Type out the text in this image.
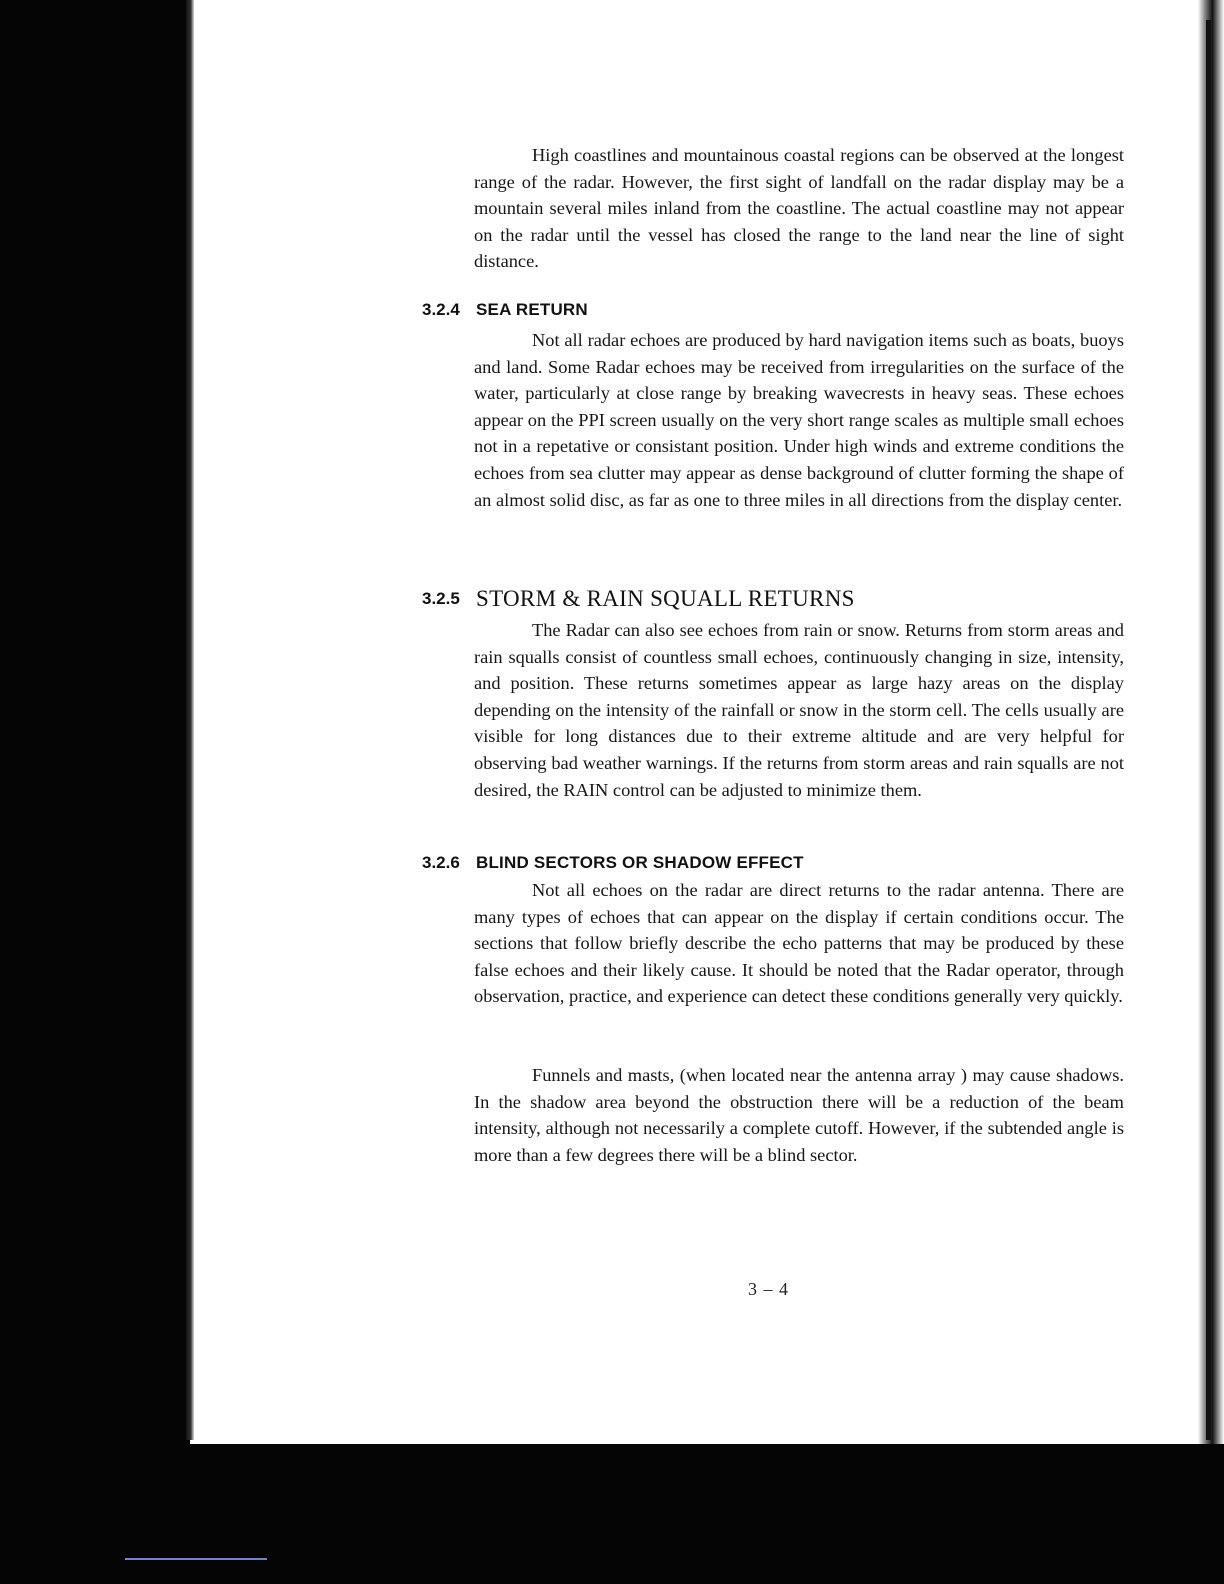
High coastlines and mountainous coastal regions can be observed at the longest range of the radar. However, the first sight of landfall on the radar display may be a mountain several miles inland from the coastline. The actual coastline may not appear on the radar until the vessel has closed the range to the land near the line of sight distance.

3.2.4 SEA RETURN

Not all radar echoes are produced by hard navigation items such as boats, buoys and land. Some Radar echoes may be received from irregularities on the surface of the water, particularly at close range by breaking wavecrests in heavy seas. These echoes appear on the PPI screen usually on the very short range scales as multiple small echoes not in a repetative or consistant position. Under high winds and extreme conditions the echoes from sea clutter may appear as dense background of clutter forming the shape of an almost solid disc, as far as one to three miles in all directions from the display center.

3.2.5 STORM & RAIN SQUALL RETURNS

The Radar can also see echoes from rain or snow. Returns from storm areas and rain squalls consist of countless small echoes, continuously changing in size, intensity, and position. These returns sometimes appear as large hazy areas on the display depending on the intensity of the rainfall or snow in the storm cell. The cells usually are visible for long distances due to their extreme altitude and are very helpful for observing bad weather warnings. If the returns from storm areas and rain squalls are not desired, the RAIN control can be adjusted to minimize them.

3.2.6 BLIND SECTORS OR SHADOW EFFECT

Not all echoes on the radar are direct returns to the radar antenna. There are many types of echoes that can appear on the display if certain conditions occur. The sections that follow briefly describe the echo patterns that may be produced by these false echoes and their likely cause. It should be noted that the Radar operator, through observation, practice, and experience can detect these conditions generally very quickly.

Funnels and masts, (when located near the antenna array ) may cause shadows. In the shadow area beyond the obstruction there will be a reduction of the beam intensity, although not necessarily a complete cutoff. However, if the subtended angle is more than a few degrees there will be a blind sector.

3 – 4
